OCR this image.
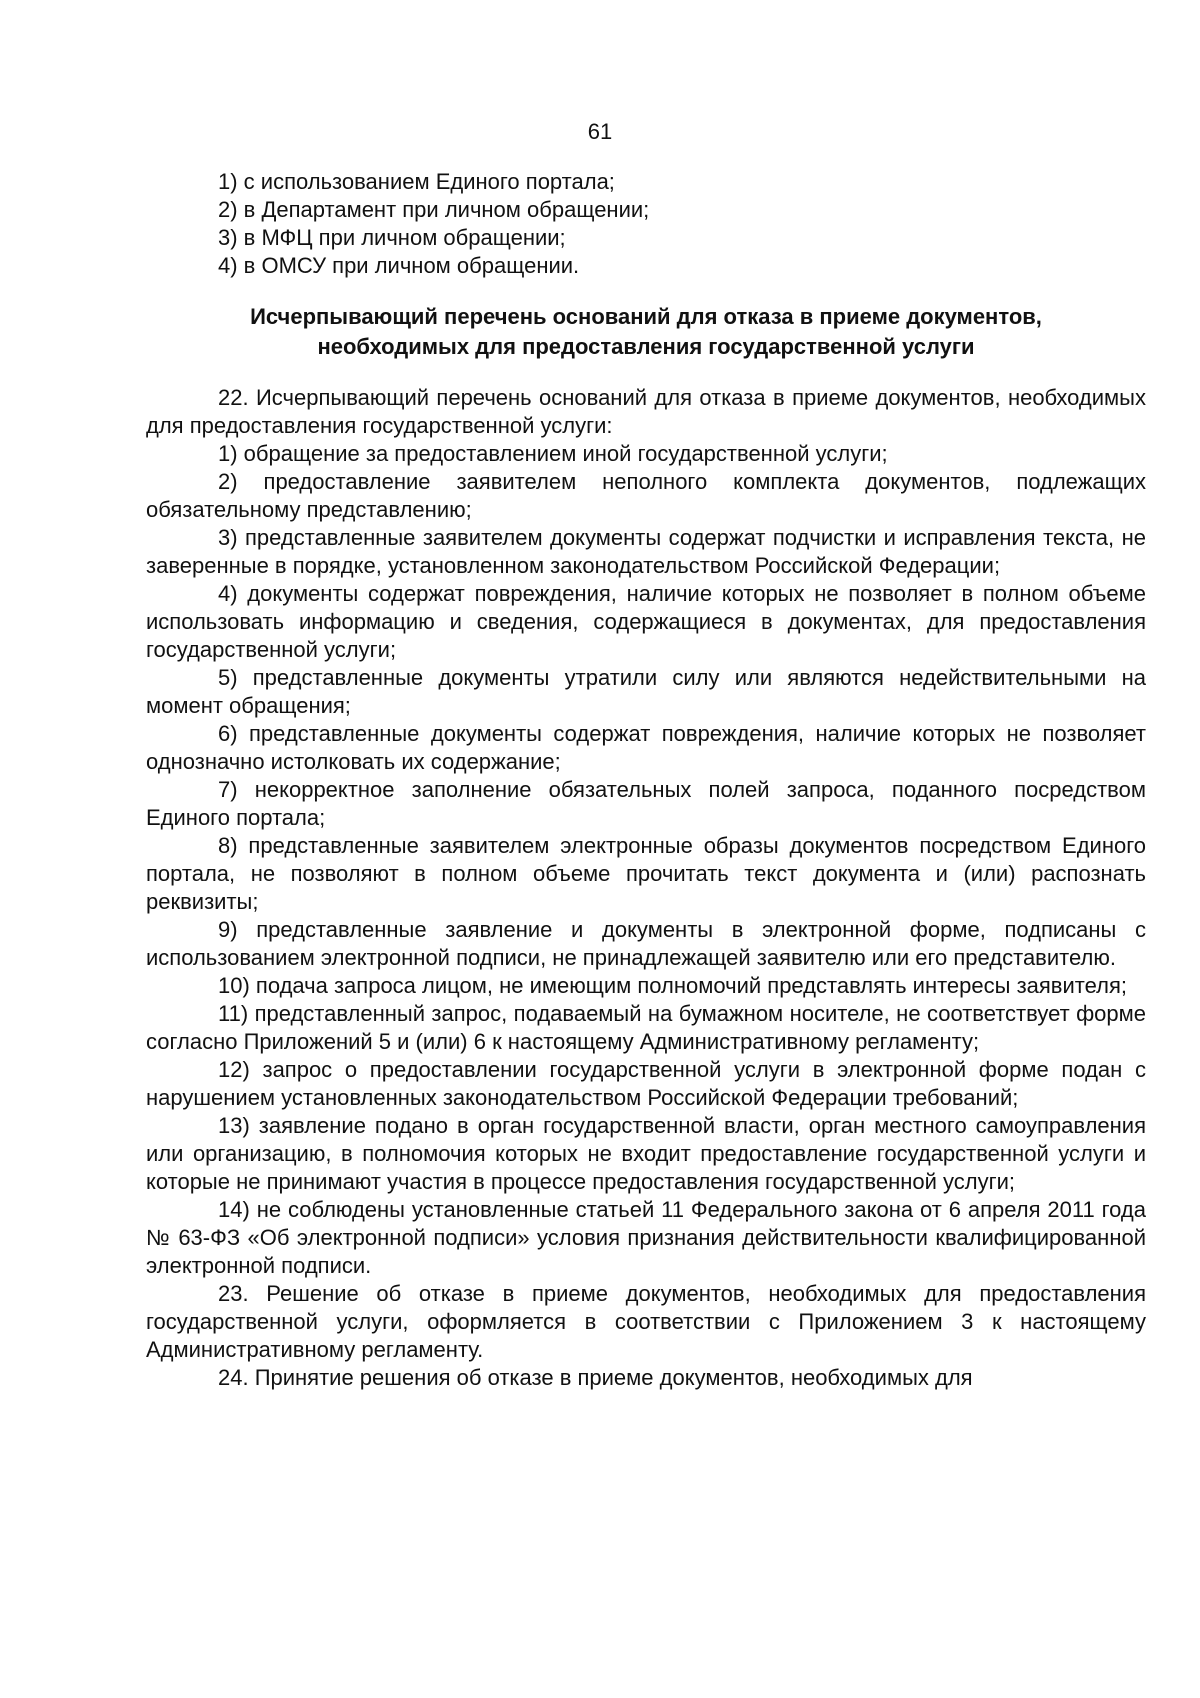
61

1) с использованием Единого портала;

2) в Департамент при личном обращении;

3) в МФЦ при личном обращении;

4) в ОМСУ при личном обращении.

Исчерпывающий перечень оснований для отказа в приеме документов,
необходимых для предоставления государственной услуги

22. Исчерпывающий перечень оснований для отказа в приеме документов, необходимых для предоставления государственной услуги:

1) обращение за предоставлением иной государственной услуги;

2) предоставление заявителем неполного комплекта документов, подлежащих обязательному представлению;

3) представленные заявителем документы содержат подчистки и исправления текста, не заверенные в порядке, установленном законодательством Российской Федерации;

4) документы содержат повреждения, наличие которых не позволяет в полном объеме использовать информацию и сведения, содержащиеся в документах, для предоставления государственной услуги;

5) представленные документы утратили силу или являются недействительными на момент обращения;

6) представленные документы содержат повреждения, наличие которых не позволяет однозначно истолковать их содержание;

7) некорректное заполнение обязательных полей запроса, поданного посредством Единого портала;

8) представленные заявителем электронные образы документов посредством Единого портала, не позволяют в полном объеме прочитать текст документа и (или) распознать реквизиты;

9) представленные заявление и документы в электронной форме, подписаны с использованием электронной подписи, не принадлежащей заявителю или его представителю.

10) подача запроса лицом, не имеющим полномочий представлять интересы заявителя;

11) представленный запрос, подаваемый на бумажном носителе, не соответствует форме согласно Приложений 5 и (или) 6 к настоящему Административному регламенту;

12) запрос о предоставлении государственной услуги в электронной форме подан с нарушением установленных законодательством Российской Федерации требований;

13) заявление подано в орган государственной власти, орган местного самоуправления или организацию, в полномочия которых не входит предоставление государственной услуги и которые не принимают участия в процессе предоставления государственной услуги;

14) не соблюдены установленные статьей 11 Федерального закона от 6 апреля 2011 года № 63-ФЗ «Об электронной подписи» условия признания действительности квалифицированной электронной подписи.

23. Решение об отказе в приеме документов, необходимых для предоставления государственной услуги, оформляется в соответствии с Приложением 3 к настоящему Административному регламенту.

24. Принятие решения об отказе в приеме документов, необходимых для
